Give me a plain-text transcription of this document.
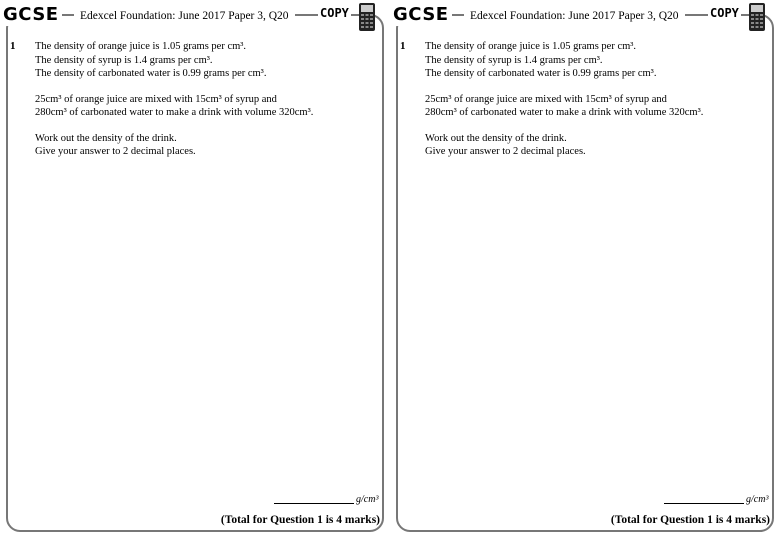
GCSE	Edexcel Foundation: June 2017 Paper 3, Q20	COPY
1 The density of orange juice is 1.05 grams per cm³.
The density of syrup is 1.4 grams per cm³.
The density of carbonated water is 0.99 grams per cm³.

25cm³ of orange juice are mixed with 15cm³ of syrup and
280cm³ of carbonated water to make a drink with volume 320cm³.

Work out the density of the drink.
Give your answer to 2 decimal places.

g/cm³
(Total for Question 1 is 4 marks)
GCSE	Edexcel Foundation: June 2017 Paper 3, Q20	COPY
1 The density of orange juice is 1.05 grams per cm³.
The density of syrup is 1.4 grams per cm³.
The density of carbonated water is 0.99 grams per cm³.

25cm³ of orange juice are mixed with 15cm³ of syrup and
280cm³ of carbonated water to make a drink with volume 320cm³.

Work out the density of the drink.
Give your answer to 2 decimal places.

g/cm³
(Total for Question 1 is 4 marks)
